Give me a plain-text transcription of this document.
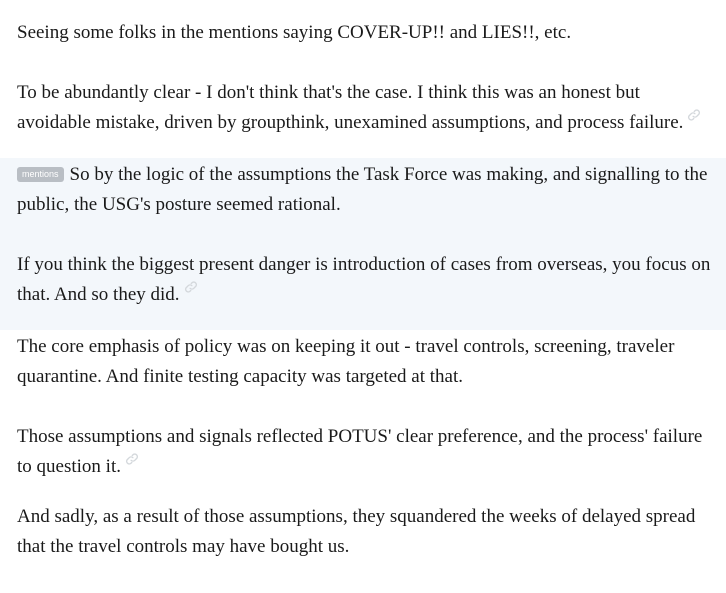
Seeing some folks in the mentions saying COVER-UP!! and LIES!!, etc.

To be abundantly clear - I don't think that's the case. I think this was an honest but avoidable mistake, driven by groupthink, unexamined assumptions, and process failure.

mentions So by the logic of the assumptions the Task Force was making, and signalling to the public, the USG's posture seemed rational.

If you think the biggest present danger is introduction of cases from overseas, you focus on that. And so they did.

The core emphasis of policy was on keeping it out - travel controls, screening, traveler quarantine. And finite testing capacity was targeted at that.

Those assumptions and signals reflected POTUS' clear preference, and the process' failure to question it.

And sadly, as a result of those assumptions, they squandered the weeks of delayed spread that the travel controls may have bought us.
